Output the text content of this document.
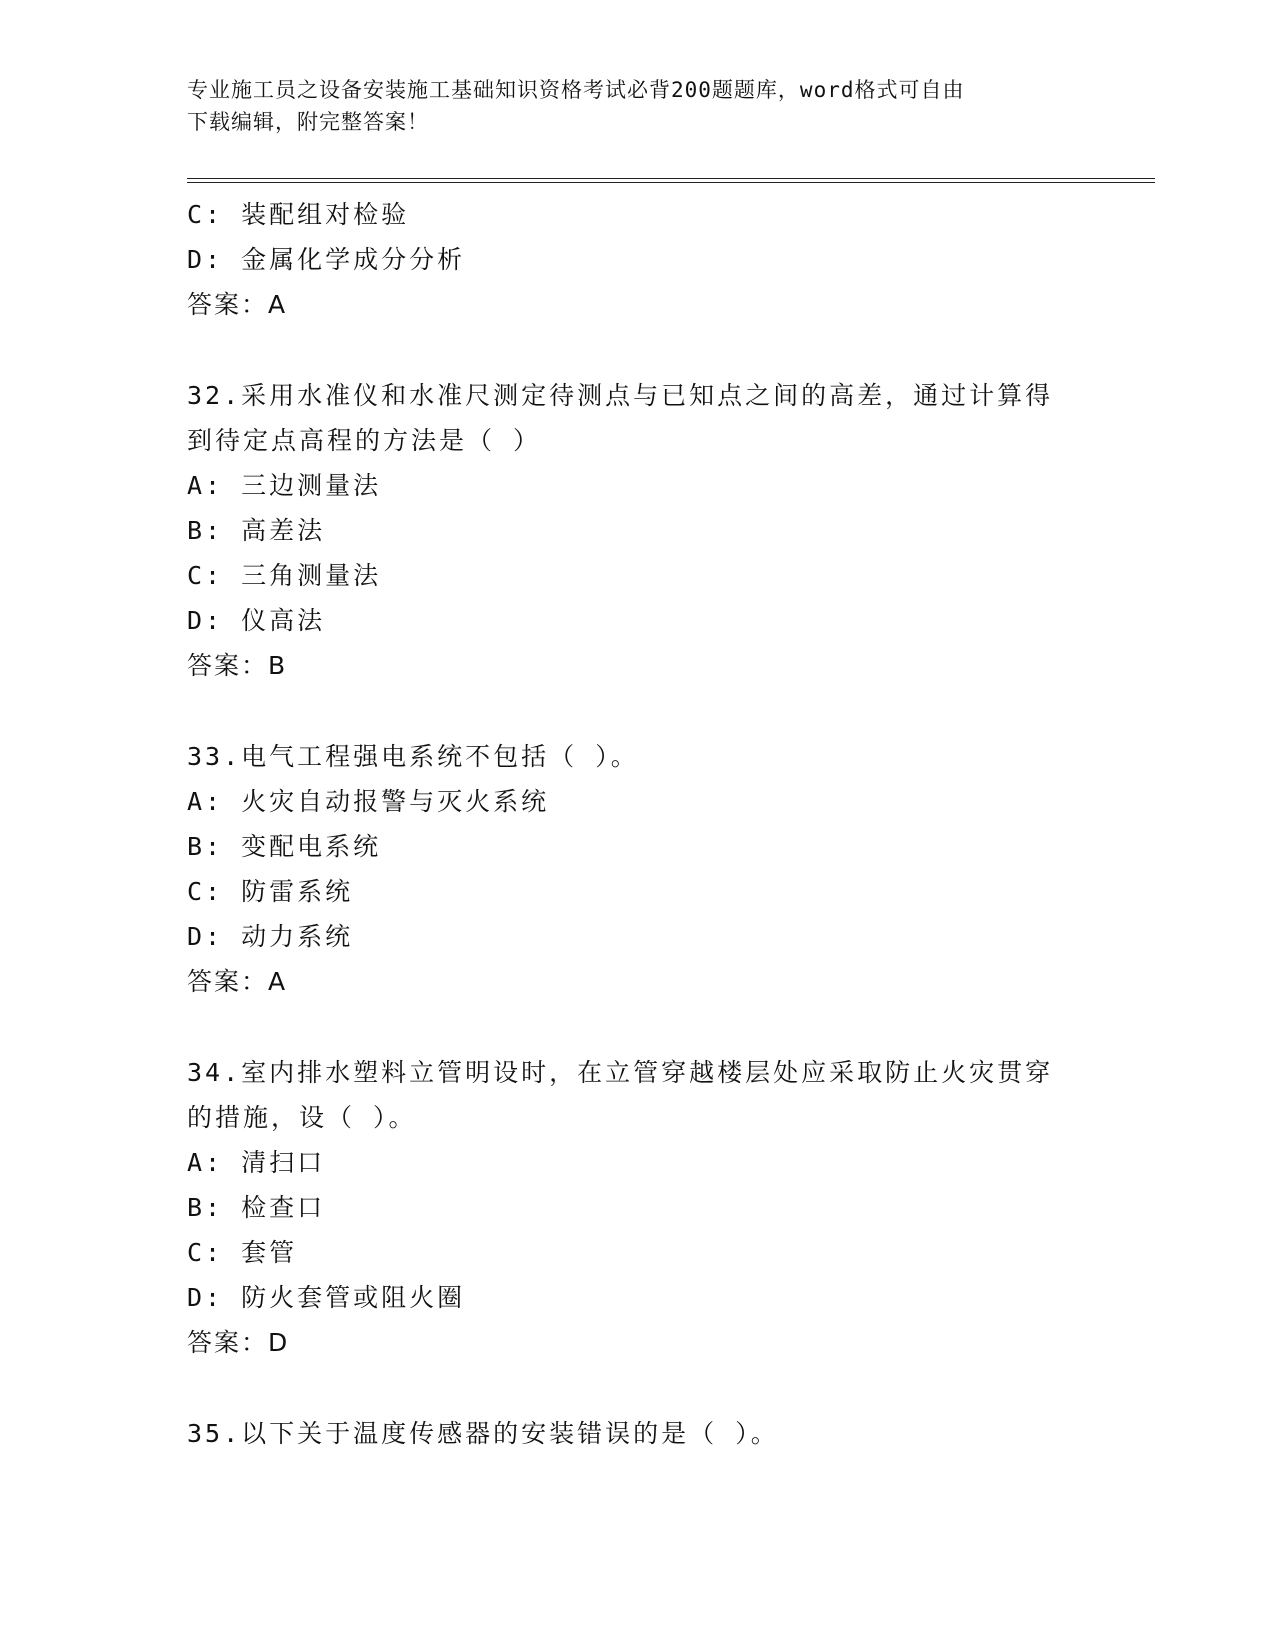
专业施工员之设备安装施工基础知识资格考试必背200题题库，word格式可自由
下载编辑，附完整答案！
C: 装配组对检验
D: 金属化学成分分析
答案：A
32.采用水准仪和水准尺测定待测点与已知点之间的高差，通过计算得
到待定点高程的方法是（ ）
A: 三边测量法
B: 高差法
C: 三角测量法
D: 仪高法
答案：B
33.电气工程强电系统不包括（ ）。
A: 火灾自动报警与灭火系统
B: 变配电系统
C: 防雷系统
D: 动力系统
答案：A
34.室内排水塑料立管明设时，在立管穿越楼层处应采取防止火灾贯穿
的措施，设（ ）。
A: 清扫口
B: 检查口
C: 套管
D: 防火套管或阻火圈
答案：D
35.以下关于温度传感器的安装错误的是（ ）。
